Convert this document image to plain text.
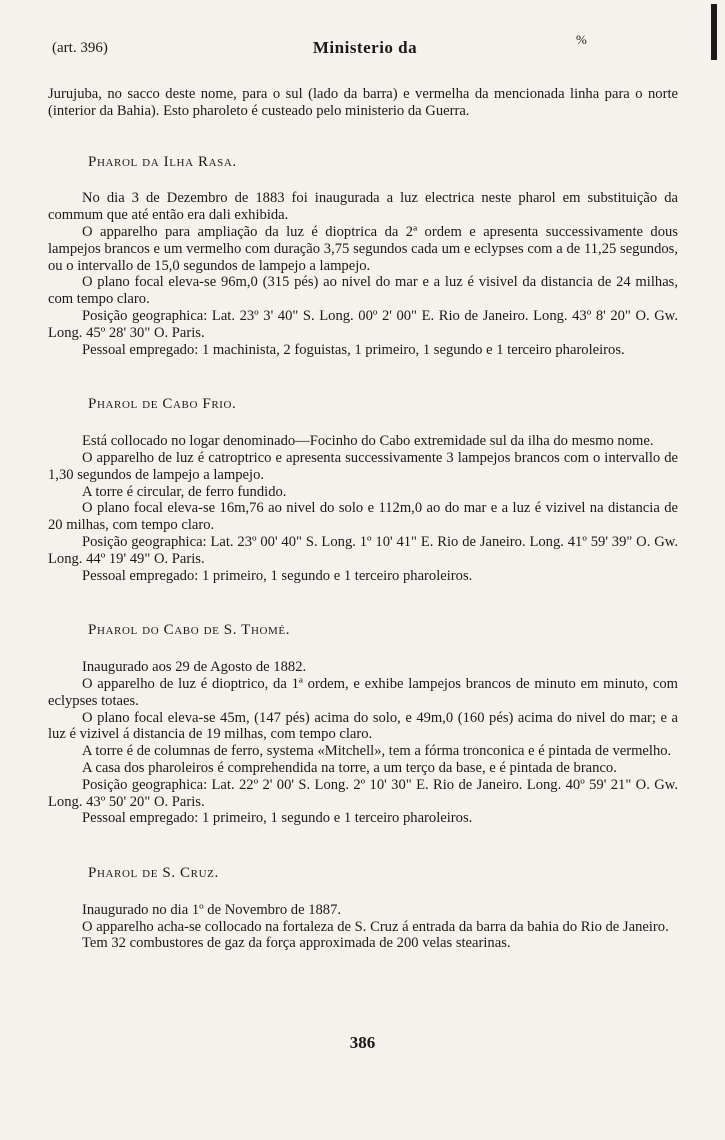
(art. 396)	Ministerio da	%

Jurujuba, no sacco deste nome, para o sul (lado da barra) e vermelha da mencionada linha para o norte (interior da Bahia). Esto pharoleto é custeado pelo ministerio da Guerra.

Pharol da Ilha Rasa.

No dia 3 de Dezembro de 1883 foi inaugurada a luz electrica neste pharol em substituição da commum que até então era dali exhibida.

O apparelho para ampliação da luz é dioptrica da 2ª ordem e apresenta successivamente dous lampejos brancos e um vermelho com duração 3,75 segundos cada um e eclypses com a de 11,25 segundos, ou o intervallo de 15,0 segundos de lampejo a lampejo.

O plano focal eleva-se 96m,0 (315 pés) ao nivel do mar e a luz é visivel da distancia de 24 milhas, com tempo claro.

Posição geographica: Lat. 23º 3' 40" S. Long. 00º 2' 00" E. Rio de Janeiro. Long. 43º 8' 20" O. Gw. Long. 45º 28' 30" O. Paris.

Pessoal empregado: 1 machinista, 2 foguistas, 1 primeiro, 1 segundo e 1 terceiro pharoleiros.

Pharol de Cabo Frio.

Está collocado no logar denominado—Focinho do Cabo extremidade sul da ilha do mesmo nome.

O apparelho de luz é catroptrico e apresenta successivamente 3 lampejos brancos com o intervallo de 1,30 segundos de lampejo a lampejo.

A torre é circular, de ferro fundido.

O plano focal eleva-se 16m,76 ao nivel do solo e 112m,0 ao do mar e a luz é vizivel na distancia de 20 milhas, com tempo claro.

Posição geographica: Lat. 23º 00' 40" S. Long. 1º 10' 41" E. Rio de Janeiro. Long. 41º 59' 39" O. Gw. Long. 44º 19' 49" O. Paris.

Pessoal empregado: 1 primeiro, 1 segundo e 1 terceiro pharoleiros.

Pharol do Cabo de S. Thomé.

Inaugurado aos 29 de Agosto de 1882.

O apparelho de luz é dioptrico, da 1ª ordem, e exhibe lampejos brancos de minuto em minuto, com eclypses totaes.

O plano focal eleva-se 45m, (147 pés) acima do solo, e 49m,0 (160 pés) acima do nivel do mar; e a luz é vizivel á distancia de 19 milhas, com tempo claro.

A torre é de columnas de ferro, systema «Mitchell», tem a fórma tronconica e é pintada de vermelho.

A casa dos pharoleiros é comprehendida na torre, a um terço da base, e é pintada de branco.

Posição geographica: Lat. 22º 2' 00' S. Long. 2º 10' 30" E. Rio de Janeiro. Long. 40º 59' 21" O. Gw. Long. 43º 50' 20" O. Paris.

Pessoal empregado: 1 primeiro, 1 segundo e 1 terceiro pharoleiros.

Pharol de S. Cruz.

Inaugurado no dia 1º de Novembro de 1887.

O apparelho acha-se collocado na fortaleza de S. Cruz á entrada da barra da bahia do Rio de Janeiro.

Tem 32 combustores de gaz da força approximada de 200 velas stearinas.

386
